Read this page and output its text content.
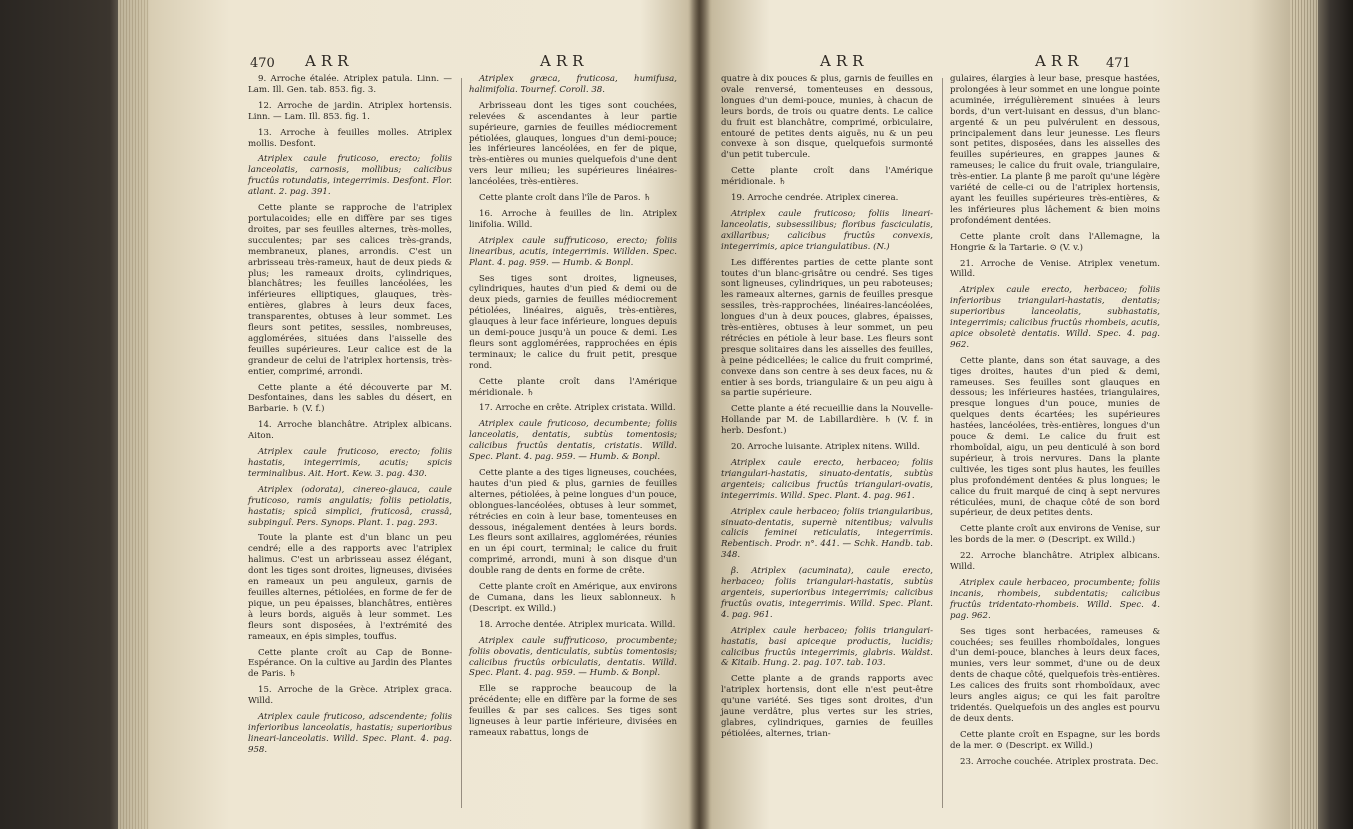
470 ARR	ARR

9. Arroche étalée. Atriplex patula. Linn. — Lam. Ill. Gen. tab. 853. fig. 3.

12. Arroche de jardin. Atriplex hortensis. Linn. — Lam. Ill. 853. fig. 1.

13. Arroche à feuilles molles. Atriplex mollis. Desfont.

Atriplex caule fruticoso, erecto; foliis lanceolatis, carnosis, mollibus; calicibus fructûs rotundatis, integerrimis. Desfont. Flor. atlant. 2. pag. 391.

Cette plante se rapproche de l'atriplex portulacoides; elle en diffère par ses tiges droites, par ses feuilles alternes, très-molles, succulentes; par ses calices très-grands, membraneux, planes, arrondis. C'est un arbrisseau très-rameux, haut de deux pieds & plus; les rameaux droits, cylindriques, blanchâtres; les feuilles lancéolées, les inférieures elliptiques, glauques, très-entières, glabres à leurs deux faces, transparentes, obtuses à leur sommet. Les fleurs sont petites, sessiles, nombreuses, agglomérées, situées dans l'aisselle des feuilles supérieures. Leur calice est de la grandeur de celui de l'atriplex hortensis, très-entier, comprimé, arrondi.

Cette plante a été découverte par M. Desfontaines, dans les sables du désert, en Barbarie. ♄ (V. f.)

14. Arroche blanchâtre. Atriplex albicans. Aiton.

Atriplex caule fruticoso, erecto; foliis hastatis, integerrimis, acutis; spicis terminalibus. Ait. Hort. Kew. 3. pag. 430.

Atriplex (odorata), cinereo-glauca, caule fruticoso, ramis angulatis; foliis petiolatis, hastatis; spicâ simplici, fruticosâ, crassâ, subpinguî. Pers. Synops. Plant. 1. pag. 293.

Toute la plante est d'un blanc un peu cendré; elle a des rapports avec l'atriplex halimus. C'est un arbrisseau assez élégant, dont les tiges sont droites, ligneuses, divisées en rameaux un peu anguleux, garnis de feuilles alternes, pétiolées, en forme de fer de pique, un peu épaisses, blanchâtres, entières à leurs bords, aiguës à leur sommet. Les fleurs sont disposées, à l'extrémité des rameaux, en épis simples, touffus.

Cette plante croît au Cap de Bonne-Espérance. On la cultive au Jardin des Plantes de Paris. ♄

15. Arroche de la Grèce. Atriplex graca. Willd.

Atriplex caule fruticoso, adscendente; foliis inferioribus lanceolatis, hastatis; superioribus lineari-lanceolatis. Willd. Spec. Plant. 4. pag. 958.

Atriplex græca, fruticosa, humifusa, halimifolia. Tournef. Coroll. 38.

Arbrisseau dont les tiges sont couchées, relevées & ascendantes à leur partie supérieure, garnies de feuilles médiocrement pétiolées, glauques, longues d'un demi-pouce; les inférieures lancéolées, en fer de pique, très-entières ou munies quelquefois d'une dent vers leur milieu; les supérieures linéaires-lancéolées, très-entières.

Cette plante croît dans l'île de Paros. ♄

16. Arroche à feuilles de lin. Atriplex linifolia. Willd.

Atriplex caule suffruticoso, erecto; foliis linearibus, acutis, integerrimis. Willden. Spec. Plant. 4. pag. 959. — Humb. & Bonpl.

Ses tiges sont droites, ligneuses, cylindriques, hautes d'un pied & demi ou de deux pieds, garnies de feuilles médiocrement pétiolées, linéaires, aiguës, très-entières, glauques à leur face inférieure, longues depuis un demi-pouce jusqu'à un pouce & demi. Les fleurs sont agglomérées, rapprochées en épis terminaux; le calice du fruit petit, presque rond.

Cette plante croît dans l'Amérique méridionale. ♄

17. Arroche en crête. Atriplex cristata. Willd.

Atriplex caule fruticoso, decumbente; foliis lanceolatis, dentatis, subtùs tomentosis; calicibus fructûs dentatis, cristatis. Willd. Spec. Plant. 4. pag. 959. — Humb. & Bonpl.

Cette plante a des tiges ligneuses, couchées, hautes d'un pied & plus, garnies de feuilles alternes, pétiolées, à peine longues d'un pouce, oblongues-lancéolées, obtuses à leur sommet, rétrécies en coin à leur base, tomenteuses en dessous, inégalement dentées à leurs bords. Les fleurs sont axillaires, agglomérées, réunies en un épi court, terminal; le calice du fruit comprimé, arrondi, muni à son disque d'un double rang de dents en forme de crête.

Cette plante croît en Amérique, aux environs de Cumana, dans les lieux sablonneux. ♄ (Descript. ex Willd.)

18. Arroche dentée. Atriplex muricata. Willd.

Atriplex caule suffruticoso, procumbente; foliis obovatis, denticulatis, subtùs tomentosis; calicibus fructûs orbiculatis, dentatis. Willd. Spec. Plant. 4. pag. 959. — Humb. & Bonpl.

Elle se rapproche beaucoup de la précédente; elle en diffère par la forme de ses feuilles & par ses calices. Ses tiges sont ligneuses à leur partie inférieure, divisées en rameaux rabattus, longs de

ARR	ARR 471

quatre à dix pouces & plus, garnis de feuilles en ovale renversé, tomenteuses en dessous, longues d'un demi-pouce, munies, à chacun de leurs bords, de trois ou quatre dents. Le calice du fruit est blanchâtre, comprimé, orbiculaire, entouré de petites dents aiguës, nu & un peu convexe à son disque, quelquefois surmonté d'un petit tubercule.

Cette plante croît dans l'Amérique méridionale. ♄

19. Arroche cendrée. Atriplex cinerea.

Atriplex caule fruticoso; foliis lineari-lanceolatis, subsessilibus; floribus fasciculatis, axillaribus; calicibus fructûs convexis, integerrimis, apice triangulatibus. (N.)

Les différentes parties de cette plante sont toutes d'un blanc-grisâtre ou cendré. Ses tiges sont ligneuses, cylindriques, un peu raboteuses; les rameaux alternes, garnis de feuilles presque sessiles, très-rapprochées, linéaires-lancéolées, longues d'un à deux pouces, glabres, épaisses, très-entières, obtuses à leur sommet, un peu rétrécies en pétiole à leur base. Les fleurs sont presque solitaires dans les aisselles des feuilles, à peine pédicellées; le calice du fruit comprimé, convexe dans son centre à ses deux faces, nu & entier à ses bords, triangulaire & un peu aigu à sa partie supérieure.

Cette plante a été recueillie dans la Nouvelle-Hollande par M. de Labillardière. ♄ (V. f. in herb. Desfont.)

20. Arroche luisante. Atriplex nitens. Willd.

Atriplex caule erecto, herbaceo; foliis triangulari-hastatis, sinuato-dentatis, subtùs argenteis; calicibus fructûs triangulari-ovatis, integerrimis. Willd. Spec. Plant. 4. pag. 961.

Atriplex caule herbaceo; foliis triangularibus, sinuato-dentatis, supernè nitentibus; valvulis calicis feminei reticulatis, integerrimis. Rebentisch. Prodr. n°. 441. — Schk. Handb. tab. 348.

β. Atriplex (acuminata), caule erecto, herbaceo; foliis triangulari-hastatis, subtùs argenteis, superioribus integerrimis; calicibus fructûs ovatis, integerrimis. Willd. Spec. Plant. 4. pag. 961.

Atriplex caule herbaceo; foliis triangulari-hastatis, basi apiceque productis, lucidis; calicibus fructûs integerrimis, glabris. Waldst. & Kitaib. Hung. 2. pag. 107. tab. 103.

Cette plante a de grands rapports avec l'atriplex hortensis, dont elle n'est peut-être qu'une variété. Ses tiges sont droites, d'un jaune verdâtre, plus vertes sur les stries, glabres, cylindriques, garnies de feuilles pétiolées, alternes, trian-

gulaires, élargies à leur base, presque hastées, prolongées à leur sommet en une longue pointe acuminée, irrégulièrement sinuées à leurs bords, d'un vert-luisant en dessus, d'un blanc-argenté & un peu pulvérulent en dessous, principalement dans leur jeunesse. Les fleurs sont petites, disposées, dans les aisselles des feuilles supérieures, en grappes jaunes & rameuses; le calice du fruit ovale, triangulaire, très-entier. La plante β me paroît qu'une légère variété de celle-ci ou de l'atriplex hortensis, ayant les feuilles supérieures très-entières, & les inférieures plus lâchement & bien moins profondément dentées.

Cette plante croît dans l'Allemagne, la Hongrie & la Tartarie. ⊙ (V. v.)

21. Arroche de Venise. Atriplex venetum. Willd.

Atriplex caule erecto, herbaceo; foliis inferioribus triangulari-hastatis, dentatis; superioribus lanceolatis, subhastatis, integerrimis; calicibus fructûs rhombeis, acutis, apice obsoletè dentatis. Willd. Spec. 4. pag. 962.

Cette plante, dans son état sauvage, a des tiges droites, hautes d'un pied & demi, rameuses. Ses feuilles sont glauques en dessous; les inférieures hastées, triangulaires, presque longues d'un pouce, munies de quelques dents écartées; les supérieures hastées, lancéolées, très-entières, longues d'un pouce & demi. Le calice du fruit est rhomboïdal, aigu, un peu denticulé à son bord supérieur, à trois nervures. Dans la plante cultivée, les tiges sont plus hautes, les feuilles plus profondément dentées & plus longues; le calice du fruit marqué de cinq à sept nervures réticulées, muni, de chaque côté de son bord supérieur, de deux petites dents.

Cette plante croît aux environs de Venise, sur les bords de la mer. ⊙ (Descript. ex Willd.)

22. Arroche blanchâtre. Atriplex albicans. Willd.

Atriplex caule herbaceo, procumbente; foliis incanis, rhombeis, subdentatis; calicibus fructûs tridentato-rhombeis. Willd. Spec. 4. pag. 962.

Ses tiges sont herbacées, rameuses & couchées; ses feuilles rhomboïdales, longues d'un demi-pouce, blanches à leurs deux faces, munies, vers leur sommet, d'une ou de deux dents de chaque côté, quelquefois très-entières. Les calices des fruits sont rhomboïdaux, avec leurs angles aigus; ce qui les fait paroître tridentés. Quelquefois un des angles est pourvu de deux dents.

Cette plante croît en Espagne, sur les bords de la mer. ⊙ (Descript. ex Willd.)

23. Arroche couchée. Atriplex prostrata. Dec.
